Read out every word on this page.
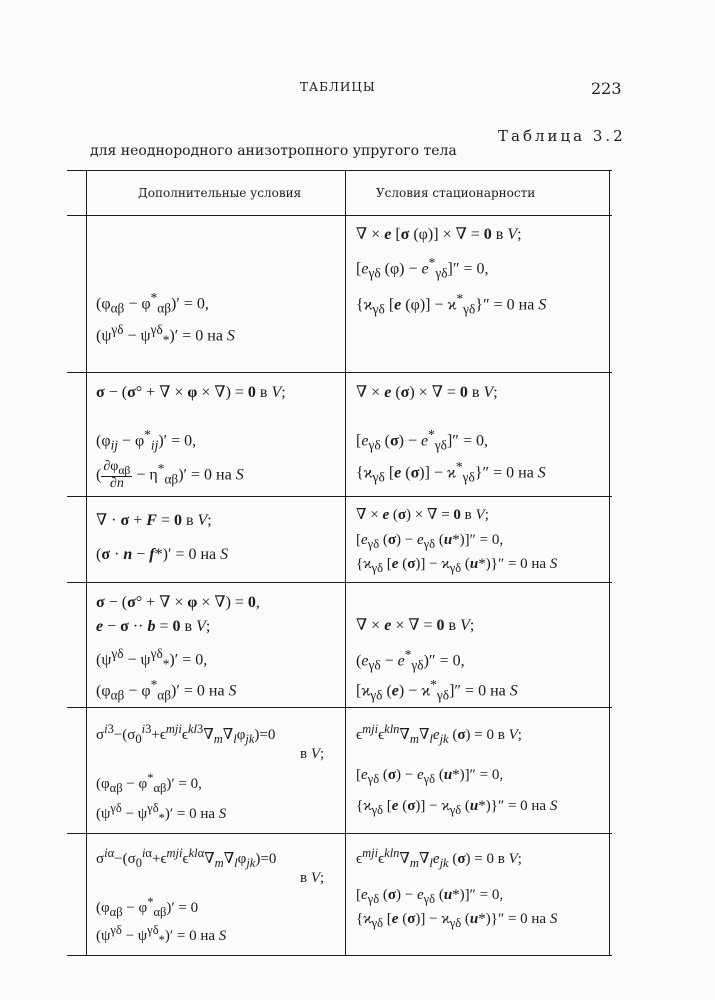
ТАБЛИЦЫ	223
Таблица 3.2
для неоднородного анизотропного упругого тела
Дополнительные условия	Условия стационарности
$(\varphi_{\alpha\beta} - \varphi^*_{\alpha\beta})' = 0$,
$(\psi^{\gamma\delta} - \psi^{\gamma\delta}_*)' = 0$ на S
∇ × e [σ (φ)] × ∇ = 0 в V;
[$e_{\gamma\delta}$ $(\varphi) - e^*_{\gamma\delta}]'' = 0$,
{$ϰ_{\gamma\delta}$ [e $(\varphi)] - ϰ^*_{\gamma\delta}\}'' = 0$ на S
σ − (σ° + ∇ × φ × ∇) = 0 в V;
$(\varphi_{ij} - \varphi^*_{ij})' = 0$,
( $\partial\varphi_{\alpha\beta}$
∂n
− $\eta^*_{\alpha\beta})' = 0$ на S
∇ × e (σ) × ∇ = 0 в V;
[$e_{\gamma\delta}$ $(\sigma) - e^*_{\gamma\delta}]'' = 0$,
{$ϰ_{\gamma\delta}$ [e $(\sigma)] - ϰ^*_{\gamma\delta}\}'' = 0$ на S
∇ · σ + F = 0 в V;
(σ · n − f*)′ = 0 на S
∇ × e (σ) × ∇ = 0 в V;
[$e_{\gamma\delta}$ $(\sigma) - e_{\gamma\delta}$ (u*)]″ = 0,
{$ϰ_{\gamma\delta}$ [e $(\sigma)] - ϰ_{\gamma\delta}$ (u*)}″ = 0 на S
σ − (σ° + ∇ × φ × ∇) = 0,
e − σ ·· b = 0 в V;
$(\psi^{\gamma\delta} - \psi^{\gamma\delta}_*)' = 0$,
$(\varphi_{\alpha\beta} - \varphi^*_{\alpha\beta})' = 0$ на S
∇ × e × ∇ = 0 в V;
$(e_{\gamma\delta} - e^*_{\gamma\delta})'' = 0$,
[$ϰ_{\gamma\delta}$ $(e) - ϰ^*_{\gamma\delta}]'' = 0$ на S
$\sigma^{i3}-(\sigma_0^{i3}+\epsilon^{mji}\epsilon^{kl3}\nabla_m\nabla_l\varphi_{jk})=0$
в V;
$(\varphi_{\alpha\beta} - \varphi^*_{\alpha\beta})' = 0$,
$(\psi^{\gamma\delta} - \psi^{\gamma\delta}_*)' = 0$ на S
$\epsilon^{mji}\epsilon^{kln}\nabla_m\nabla_le_{jk}$ (σ) = 0 в V;
[$e_{\gamma\delta}$ $(\sigma) - e_{\gamma\delta}$ (u*)]″ = 0,
{$ϰ_{\gamma\delta}$ [e $(\sigma)] - ϰ_{\gamma\delta}$ (u*)}″ = 0 на S
$\sigma^{i\alpha}-(\sigma_0^{i\alpha}+\epsilon^{mji}\epsilon^{kl\alpha}\nabla_m\nabla_l\varphi_{jk})=0$
в V;
$(\varphi_{\alpha\beta} - \varphi^*_{\alpha\beta})' = 0$
$(\psi^{\gamma\delta} - \psi^{\gamma\delta}_*)' = 0$ на S
$\epsilon^{mji}\epsilon^{kln}\nabla_m\nabla_le_{jk}$ (σ) = 0 в V;
[$e_{\gamma\delta}$ $(\sigma) - e_{\gamma\delta}$ (u*)]″ = 0,
{$ϰ_{\gamma\delta}$ [e $(\sigma)] - ϰ_{\gamma\delta}$ (u*)}″ = 0 на S
